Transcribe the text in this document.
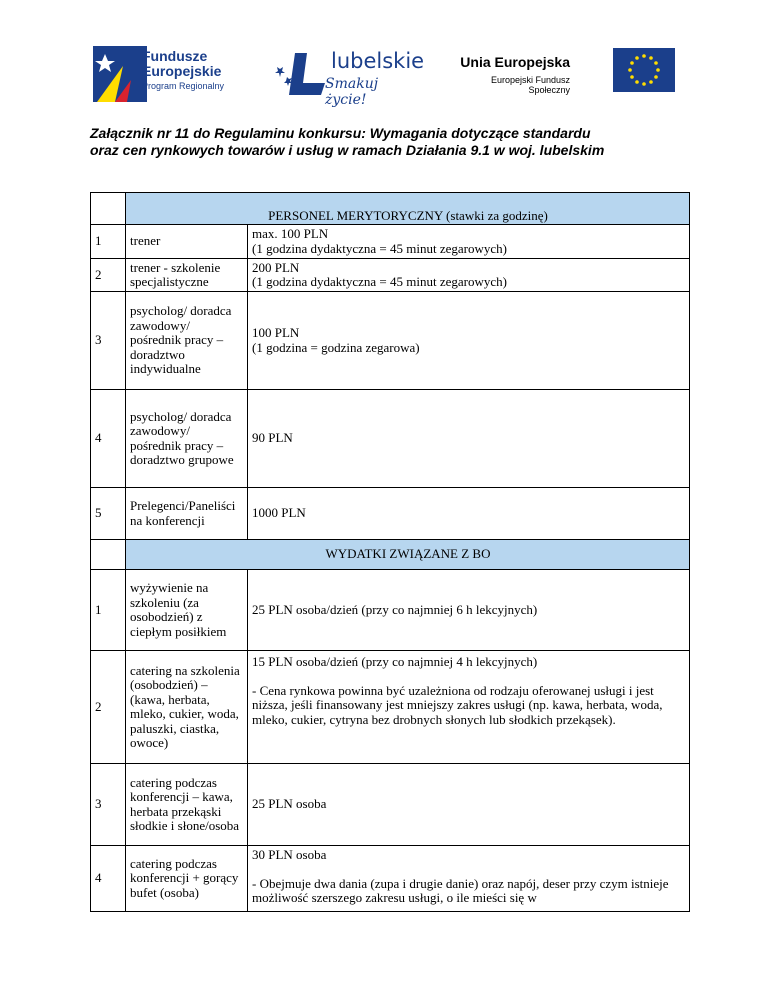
Fundusze
Europejskie
Program Regionalny
lubelskie
Smakuj życie!
Unia Europejska
Europejski Fundusz Społeczny
Załącznik nr 11 do Regulaminu konkursu: Wymagania dotyczące standardu
oraz cen rynkowych towarów i usług w ramach Działania 9.1 w woj. lubelskim
	PERSONEL MERYTORYCZNY (stawki za godzinę)	
1	trener	max. 100 PLN
(1 godzina dydaktyczna = 45 minut zegarowych)

2	trener - szkolenie specjalistyczne	200 PLN
(1 godzina dydaktyczna = 45 minut zegarowych)

3	psycholog/ doradca zawodowy/ pośrednik pracy – doradztwo indywidualne	100 PLN
(1 godzina = godzina zegarowa)

4	psycholog/ doradca zawodowy/ pośrednik pracy – doradztwo grupowe	90 PLN

5	Prelegenci/Paneliści na konferencji	1000 PLN

	WYDATKI ZWIĄZANE Z BO	
1	wyżywienie na szkoleniu (za osobodzień) z ciepłym posiłkiem	25 PLN osoba/dzień (przy co najmniej 6 h lekcyjnych)

2	catering na szkolenia (osobodzień) – (kawa, herbata, mleko, cukier, woda, paluszki, ciastka, owoce)	15 PLN osoba/dzień (przy co najmniej 4 h lekcyjnych)
- Cena rynkowa powinna być uzależniona od rodzaju oferowanej usługi i jest niższa, jeśli finansowany jest mniejszy zakres usługi (np. kawa, herbata, woda, mleko, cukier, cytryna bez drobnych słonych lub słodkich przekąsek).

3	catering podczas konferencji – kawa, herbata przekąski słodkie i słone/osoba	25 PLN osoba

4	catering podczas konferencji + gorący bufet (osoba)	30 PLN osoba
- Obejmuje dwa dania (zupa i drugie danie) oraz napój, deser przy czym istnieje możliwość szerszego zakresu usługi, o ile mieści się w
